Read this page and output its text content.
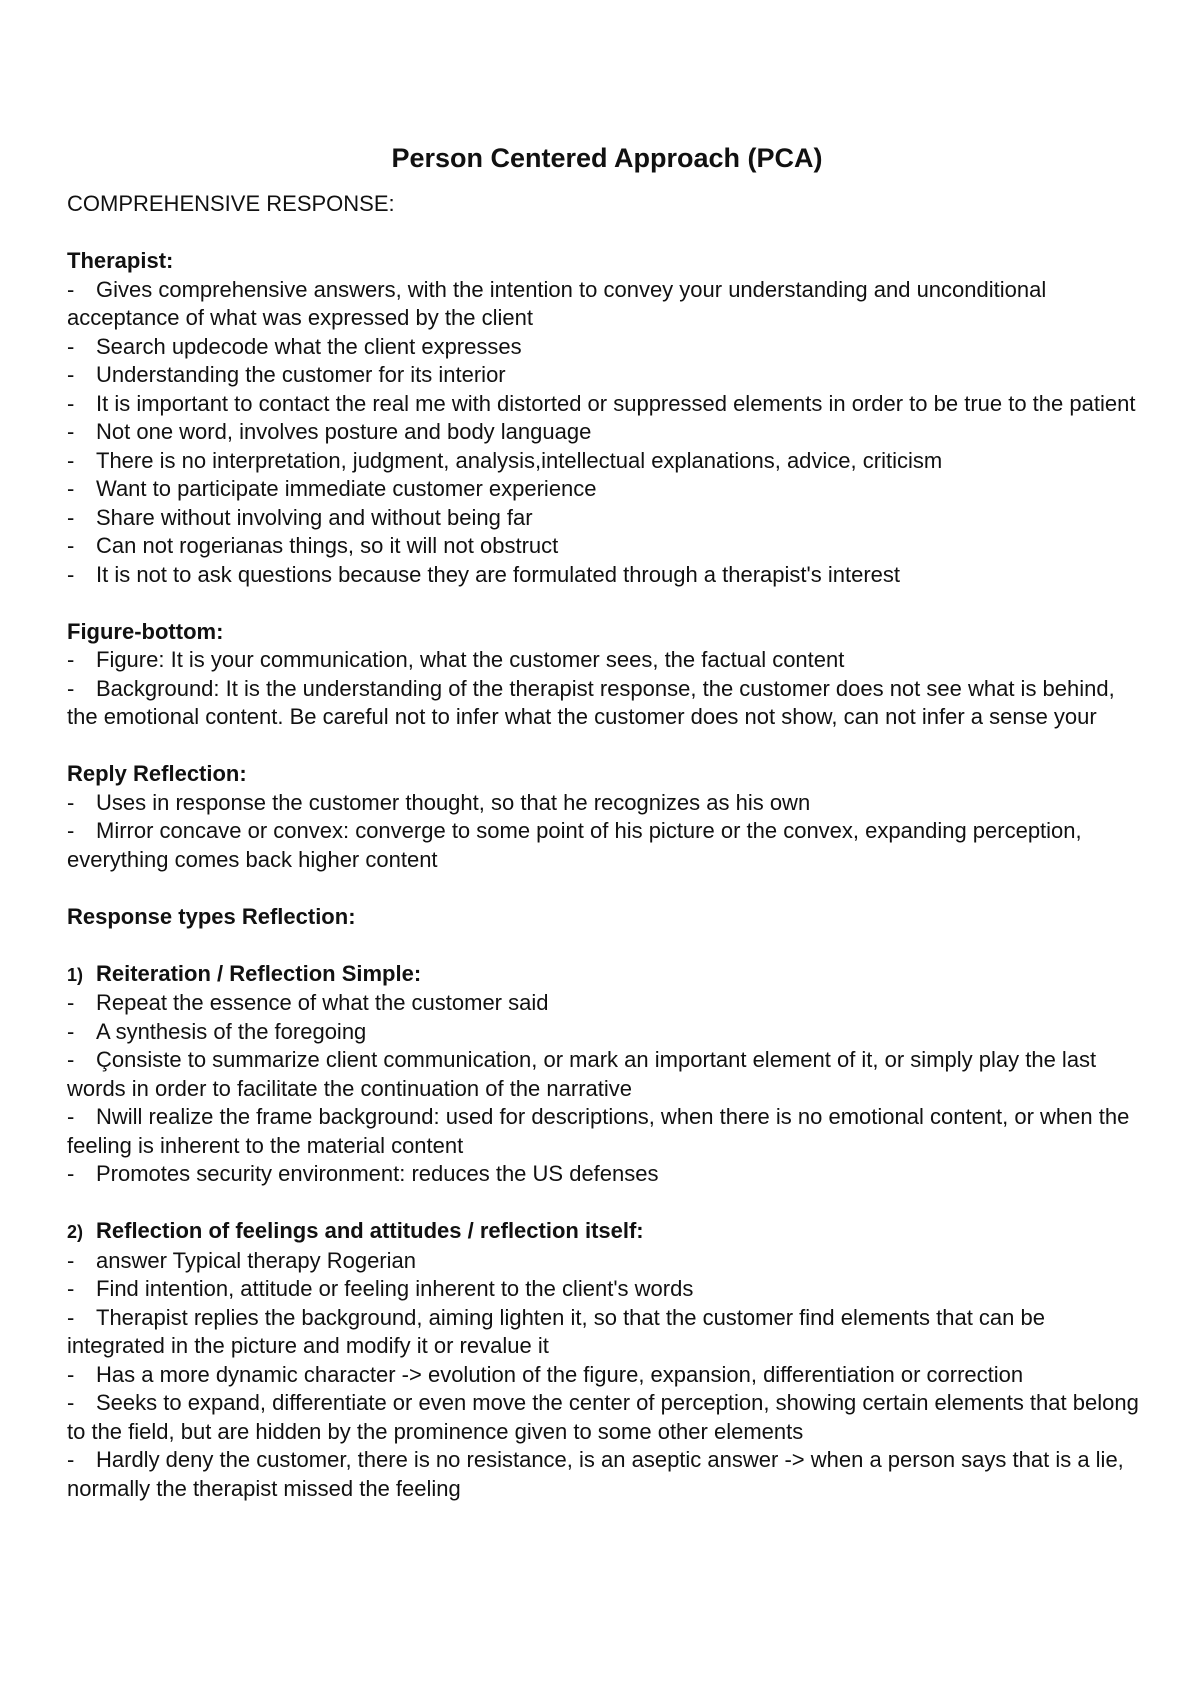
Person Centered Approach (PCA)
COMPREHENSIVE RESPONSE:
Therapist:
- Gives comprehensive answers, with the intention to convey your understanding and unconditional acceptance of what was expressed by the client
- Search updecode what the client expresses
- Understanding the customer for its interior
- It is important to contact the real me with distorted or suppressed elements in order to be true to the patient
- Not one word, involves posture and body language
- There is no interpretation, judgment, analysis,intellectual explanations, advice, criticism
- Want to participate immediate customer experience
- Share without involving and without being far
- Can not rogerianas things, so it will not obstruct
- It is not to ask questions because they are formulated through a therapist's interest
Figure-bottom:
- Figure: It is your communication, what the customer sees, the factual content
- Background: It is the understanding of the therapist response, the customer does not see what is behind, the emotional content. Be careful not to infer what the customer does not show, can not infer a sense your
Reply Reflection:
- Uses in response the customer thought, so that he recognizes as his own
- Mirror concave or convex: converge to some point of his picture or the convex, expanding perception, everything comes back higher content
Response types Reflection:
1) Reiteration / Reflection Simple:
- Repeat the essence of what the customer said
- A synthesis of the foregoing
- Çonsiste to summarize client communication, or mark an important element of it, or simply play the last words in order to facilitate the continuation of the narrative
- Nwill realize the frame background: used for descriptions, when there is no emotional content, or when the feeling is inherent to the material content
- Promotes security environment: reduces the US defenses
2) Reflection of feelings and attitudes / reflection itself:
- answer Typical therapy Rogerian
- Find intention, attitude or feeling inherent to the client's words
- Therapist replies the background, aiming lighten it, so that the customer find elements that can be integrated in the picture and modify it or revalue it
- Has a more dynamic character -> evolution of the figure, expansion, differentiation or correction
- Seeks to expand, differentiate or even move the center of perception, showing certain elements that belong to the field, but are hidden by the prominence given to some other elements
- Hardly deny the customer, there is no resistance, is an aseptic answer -> when a person says that is a lie, normally the therapist missed the feeling
